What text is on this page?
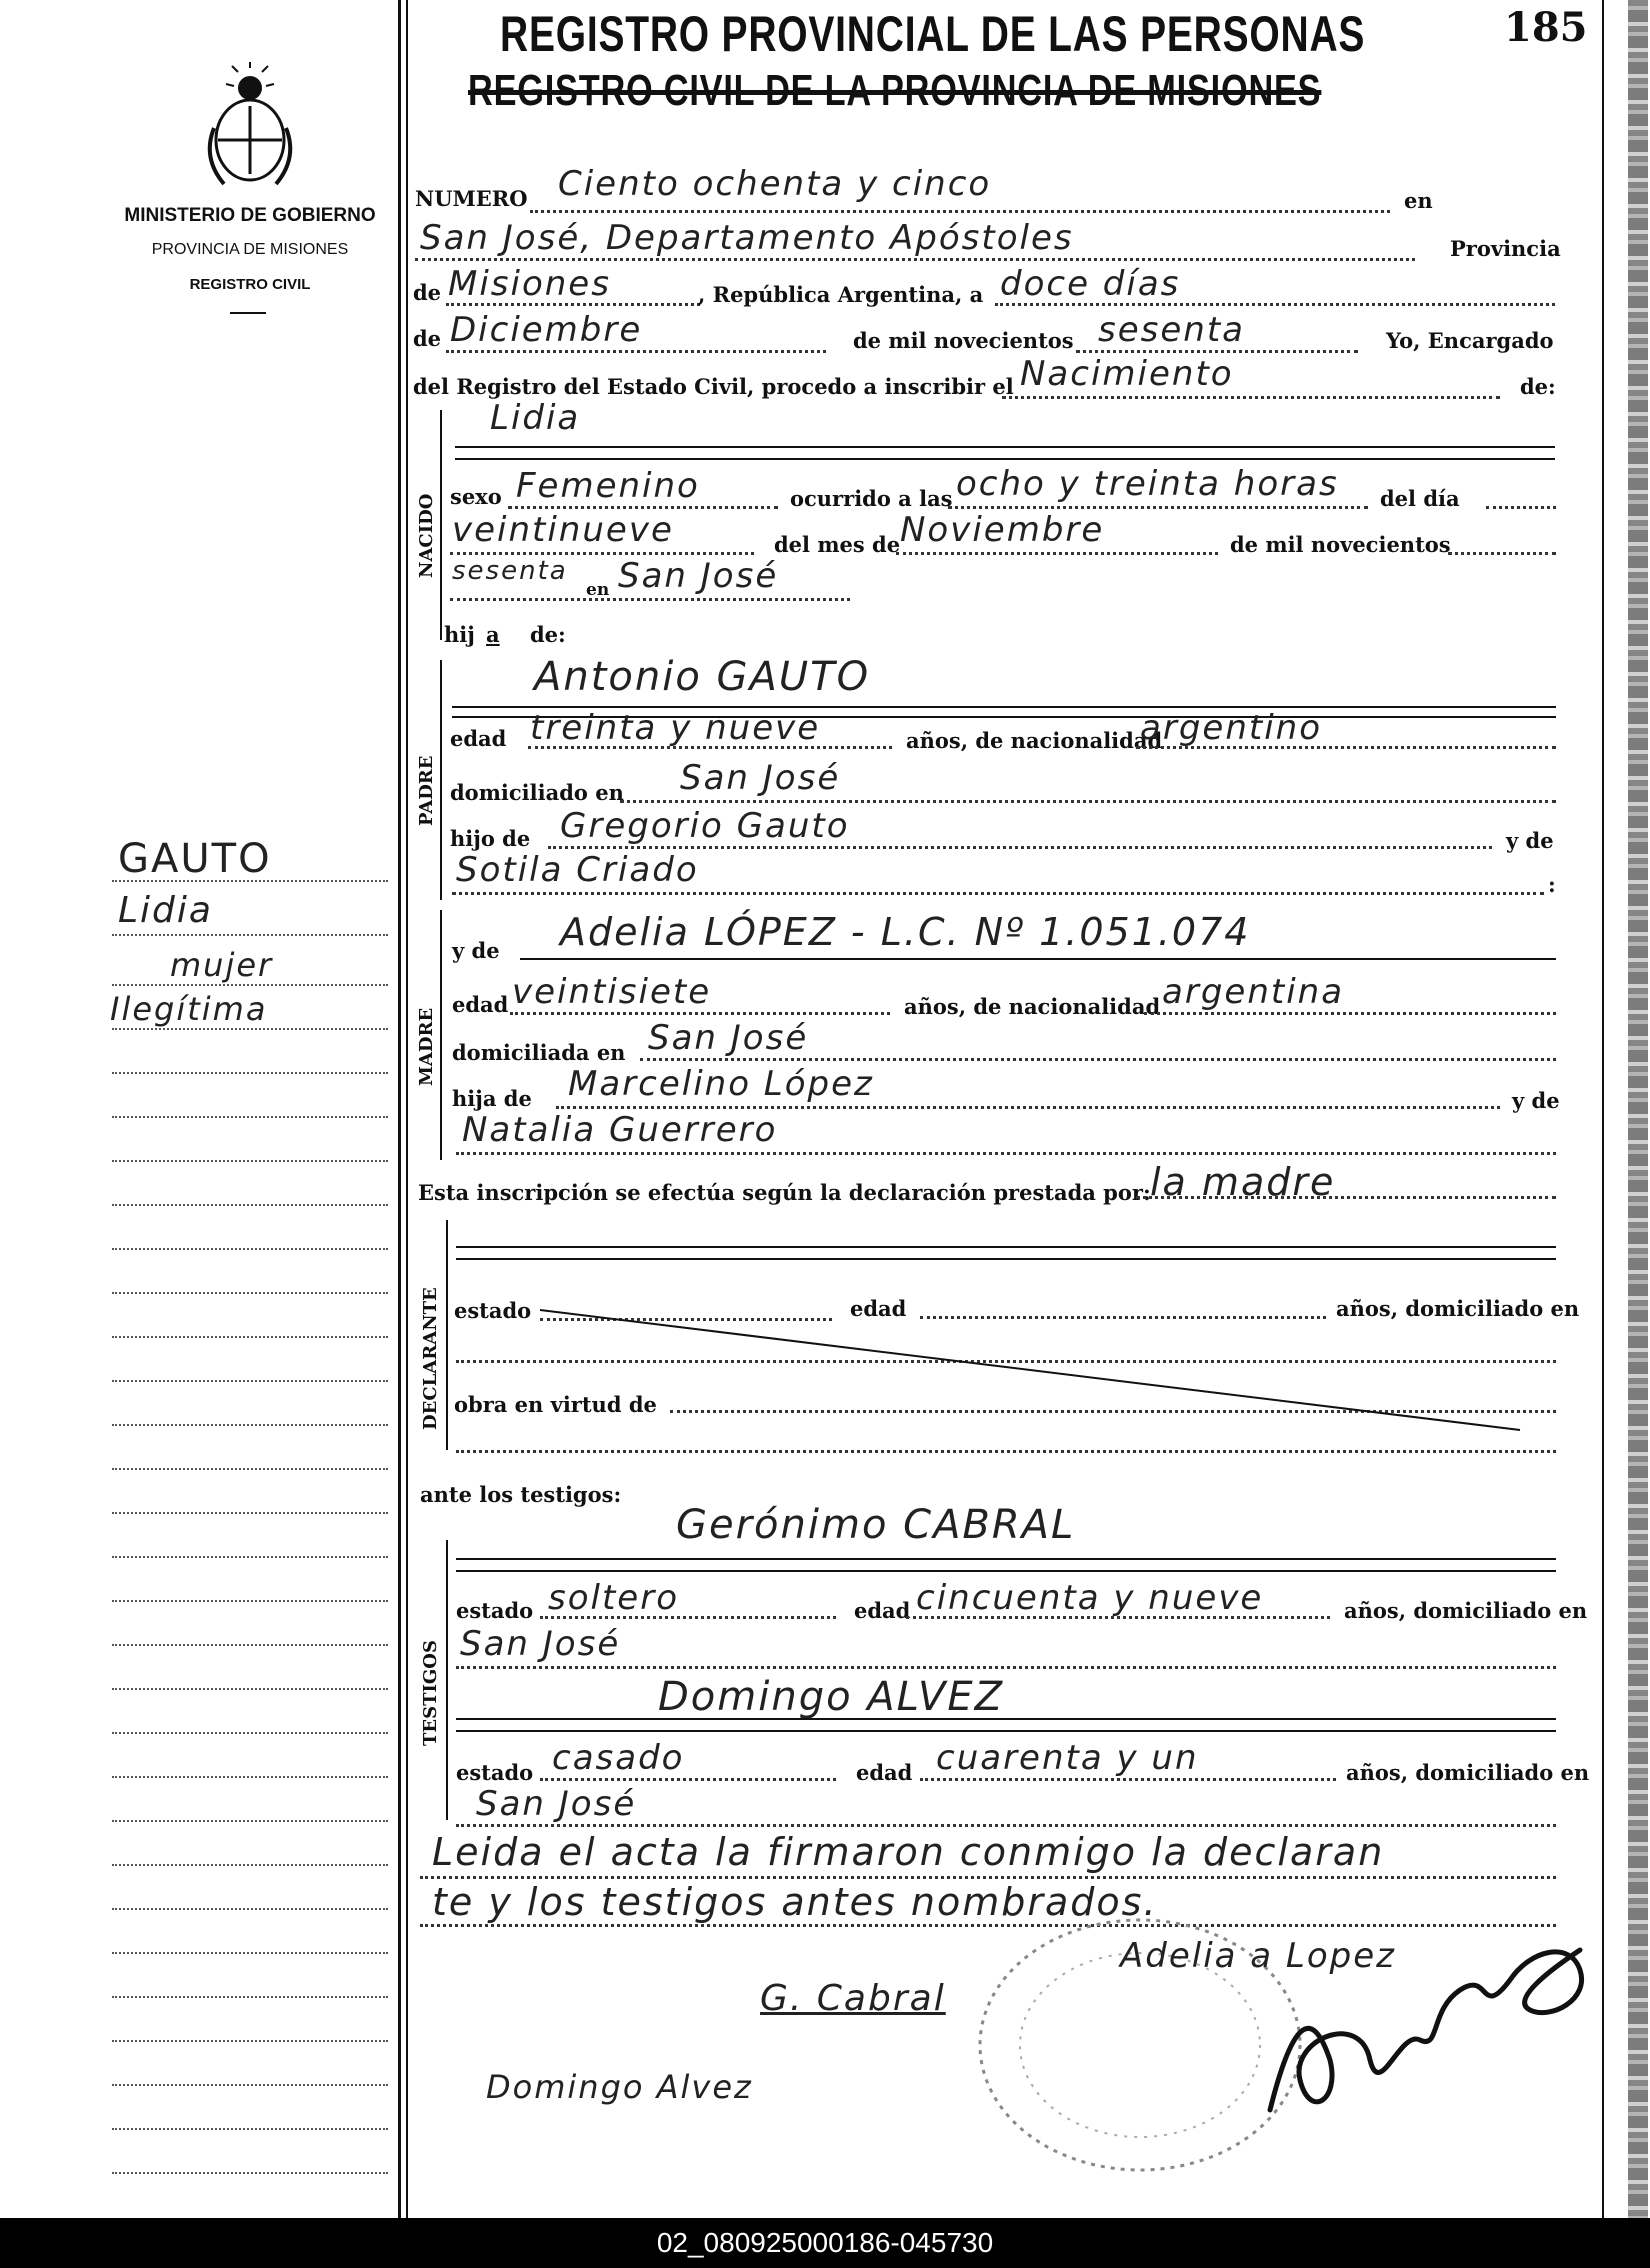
REGISTRO PROVINCIAL DE LAS PERSONAS
REGISTRO CIVIL DE LA PROVINCIA DE MISIONES
185
MINISTERIO DE GOBIERNO
PROVINCIA DE MISIONES
REGISTRO CIVIL
GAUTO
Lidia
mujer
Ilegítima
NUMERO Ciento ochenta y cinco	en
San José, Departamento Apóstoles	Provincia
de Misiones	, República Argentina, a doce días
de Diciembre	de mil novecientos sesenta	Yo, Encargado
del Registro del Estado Civil, procedo a inscribir el Nacimiento	de:
Lidia
NACIDO sexo Femenino	ocurrido a las ocho y treinta horas del día
veintinueve	del mes de Noviembre	de mil novecientos
sesenta
en San José
hij a de:
PADRE
Antonio GAUTO
edad treinta y nueve	años, de nacionalidad
argentino
domiciliado en San José
hijo de Gregorio Gauto	y de
Sotila Criado	:
MADRE
y de Adelia LÓPEZ - L.C. Nº 1.051.074
edad veintisiete	años, de nacionalidad argentina
domiciliada en San José
hija de Marcelino López	y de
Natalia Guerrero
Esta inscripción se efectúa según la declaración prestada por: la madre
DECLARANTE estado	edad	años, domiciliado en
obra en virtud de
ante los testigos:
TESTIGOS
Gerónimo CABRAL
estado soltero	edad cincuenta y nueve	años, domiciliado en
San José
Domingo ALVEZ
estado casado	edad cuarenta y un	años, domiciliado en
San José
Leida el acta la firmaron conmigo la declaran
te y los testigos antes nombrados.
Adelia a Lopez
G. Cabral
Domingo Alvez
02_080925000186-045730
